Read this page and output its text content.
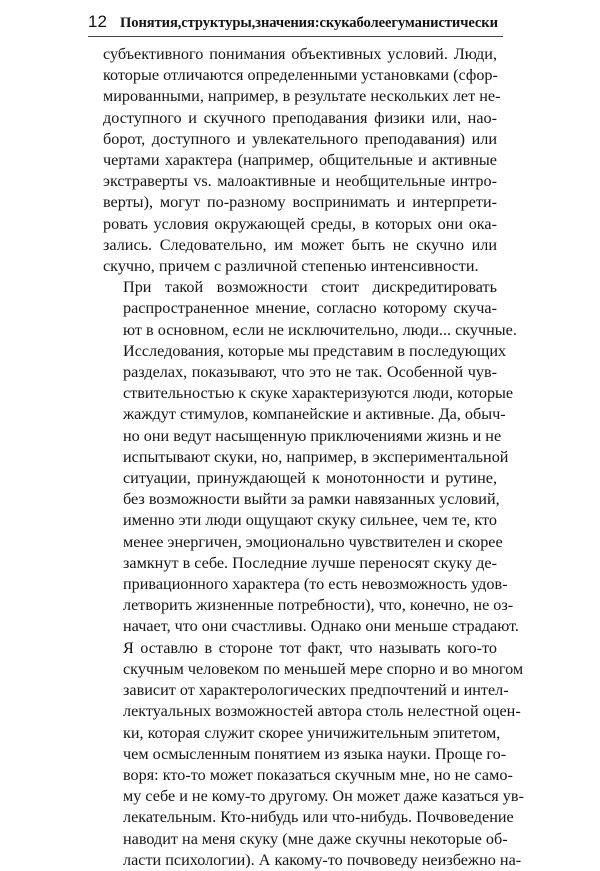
12 Понятия,структуры,значения:скукаболеегуманистически

субъективного понимания объективных условий. Люди,
которые отличаются определенными установками (сфор-
мированными, например, в результате нескольких лет не-
доступного и скучного преподавания физики или, нао-
борот, доступного и увлекательного преподавания) или
чертами характера (например, общительные и активные
экстраверты vs. малоактивные и необщительные интро-
верты), могут по-разному воспринимать и интерпрети-
ровать условия окружающей среды, в которых они ока-
зались. Следовательно, им может быть не скучно или
скучно, причем с различной степенью интенсивности.

При такой возможности стоит дискредитировать
распространенное мнение, согласно которому скуча-
ют в основном, если не исключительно, люди... скучные.
Исследования, которые мы представим в последующих
разделах, показывают, что это не так. Особенной чув-
ствительностью к скуке характеризуются люди, которые
жаждут стимулов, компанейские и активные. Да, обыч-
но они ведут насыщенную приключениями жизнь и не
испытывают скуки, но, например, в экспериментальной
ситуации, принуждающей к монотонности и рутине,
без возможности выйти за рамки навязанных условий,
именно эти люди ощущают скуку сильнее, чем те, кто
менее энергичен, эмоционально чувствителен и скорее
замкнут в себе. Последние лучше переносят скуку де-
привационного характера (то есть невозможность удов-
летворить жизненные потребности), что, конечно, не оз-
начает, что они счастливы. Однако они меньше страдают.

Я оставлю в стороне тот факт, что называть кого-то
скучным человеком по меньшей мере спорно и во многом
зависит от характерологических предпочтений и интел-
лектуальных возможностей автора столь нелестной оцен-
ки, которая служит скорее уничижительным эпитетом,
чем осмысленным понятием из языка науки. Проще го-
воря: кто-то может показаться скучным мне, но не само-
му себе и не кому-то другому. Он может даже казаться ув-
лекательным. Кто-нибудь или что-нибудь. Почвоведение
наводит на меня скуку (мне даже скучны некоторые об-
ласти психологии). А какому-то почвоведу неизбежно на-
